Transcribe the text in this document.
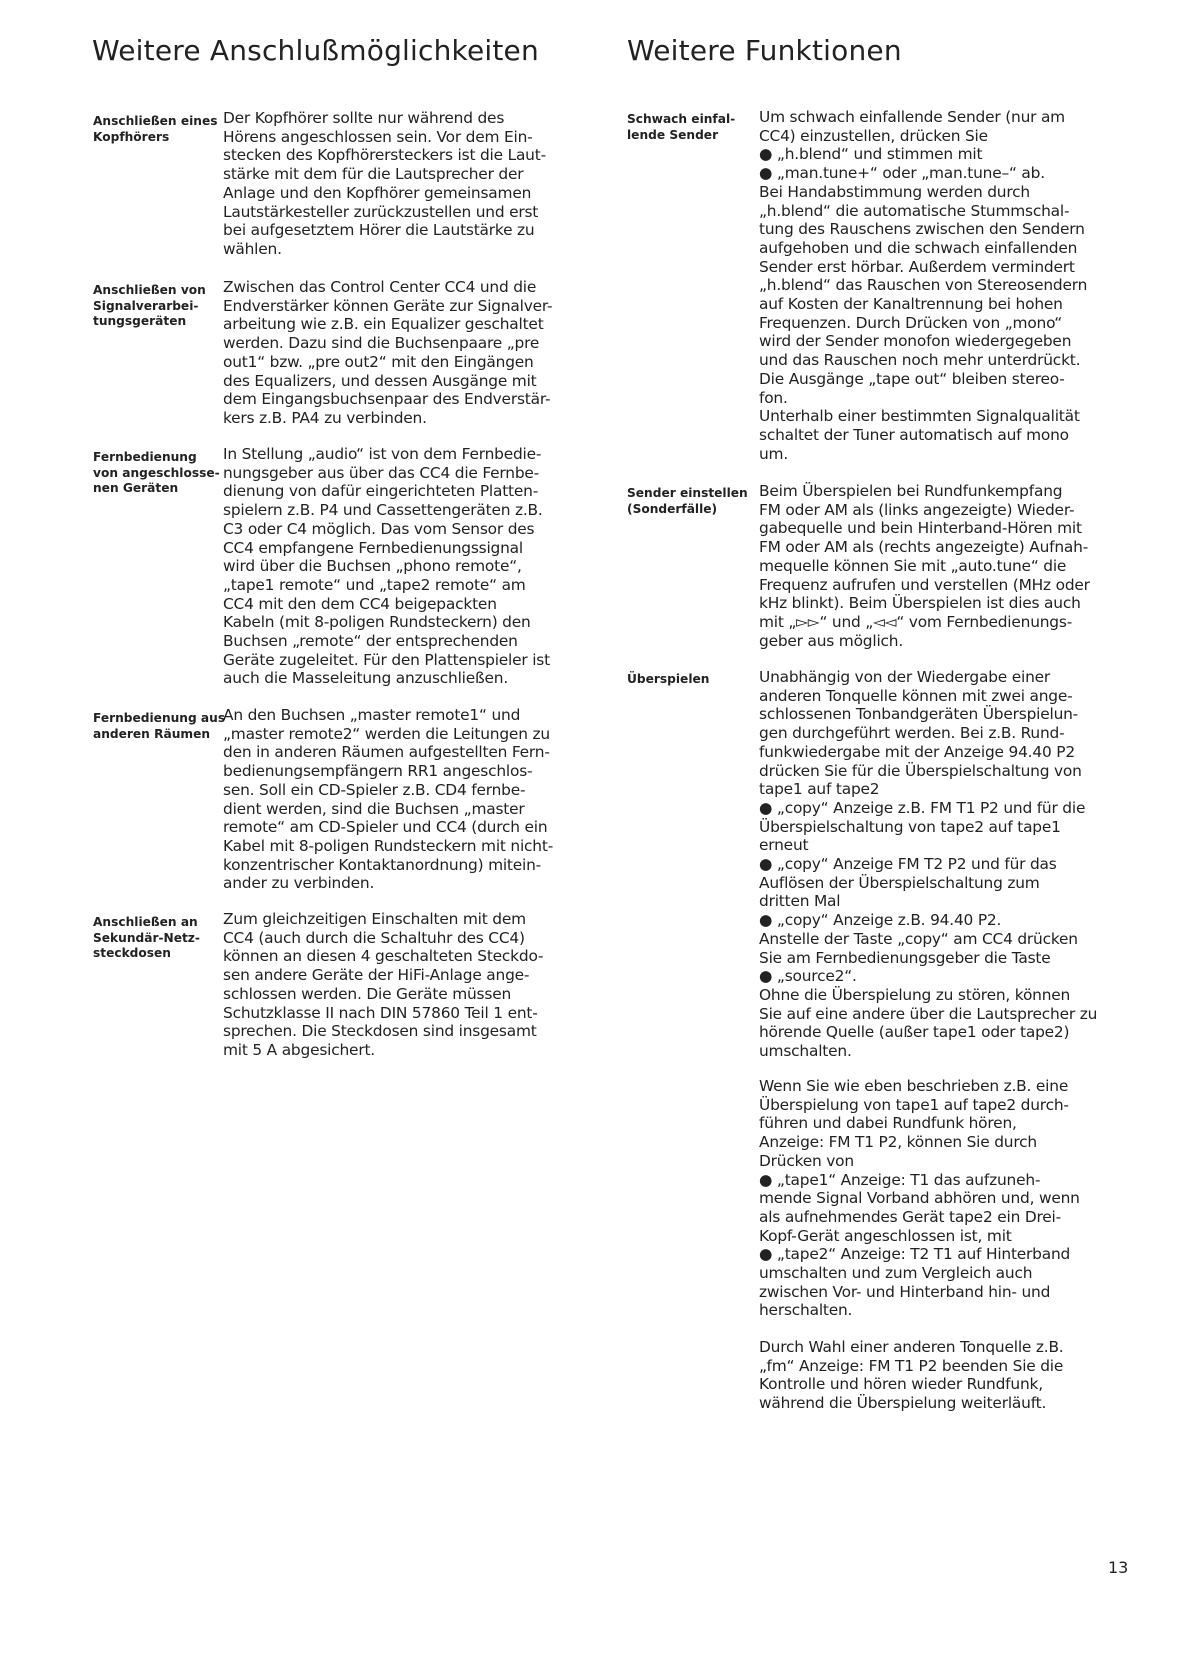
Weitere Anschlußmöglichkeiten	Weitere Funktionen
Anschließen eines
Kopfhörers
Der Kopfhörer sollte nur während des
Hörens angeschlossen sein. Vor dem Ein-
stecken des Kopfhörersteckers ist die Laut-
stärke mit dem für die Lautsprecher der
Anlage und den Kopfhörer gemeinsamen
Lautstärkesteller zurückzustellen und erst
bei aufgesetztem Hörer die Lautstärke zu
wählen.
Anschließen von
Signalverarbei-
tungsgeräten
Zwischen das Control Center CC4 und die
Endverstärker können Geräte zur Signalver-
arbeitung wie z.B. ein Equalizer geschaltet
werden. Dazu sind die Buchsenpaare „pre
out1“ bzw. „pre out2“ mit den Eingängen
des Equalizers, und dessen Ausgänge mit
dem Eingangsbuchsenpaar des Endverstär-
kers z.B. PA4 zu verbinden.
Fernbedienung
von angeschlosse-
nen Geräten
In Stellung „audio“ ist von dem Fernbedie-
nungsgeber aus über das CC4 die Fernbe-
dienung von dafür eingerichteten Platten-
spielern z.B. P4 und Cassettengeräten z.B.
C3 oder C4 möglich. Das vom Sensor des
CC4 empfangene Fernbedienungssignal
wird über die Buchsen „phono remote“,
„tape1 remote“ und „tape2 remote“ am
CC4 mit den dem CC4 beigepackten
Kabeln (mit 8-poligen Rundsteckern) den
Buchsen „remote“ der entsprechenden
Geräte zugeleitet. Für den Plattenspieler ist
auch die Masseleitung anzuschließen.
Fernbedienung aus
anderen Räumen
An den Buchsen „master remote1“ und
„master remote2“ werden die Leitungen zu
den in anderen Räumen aufgestellten Fern-
bedienungsempfängern RR1 angeschlos-
sen. Soll ein CD-Spieler z.B. CD4 fernbe-
dient werden, sind die Buchsen „master
remote“ am CD-Spieler und CC4 (durch ein
Kabel mit 8-poligen Rundsteckern mit nicht-
konzentrischer Kontaktanordnung) mitein-
ander zu verbinden.
Anschließen an
Sekundär-Netz-
steckdosen
Zum gleichzeitigen Einschalten mit dem
CC4 (auch durch die Schaltuhr des CC4)
können an diesen 4 geschalteten Steckdo-
sen andere Geräte der HiFi-Anlage ange-
schlossen werden. Die Geräte müssen
Schutzklasse II nach DIN 57860 Teil 1 ent-
sprechen. Die Steckdosen sind insgesamt
mit 5 A abgesichert.
Schwach einfal-
lende Sender
Um schwach einfallende Sender (nur am
CC4) einzustellen, drücken Sie
● „h.blend“ und stimmen mit
● „man.tune+“ oder „man.tune–“ ab.
Bei Handabstimmung werden durch
„h.blend“ die automatische Stummschal-
tung des Rauschens zwischen den Sendern
aufgehoben und die schwach einfallenden
Sender erst hörbar. Außerdem vermindert
„h.blend“ das Rauschen von Stereosendern
auf Kosten der Kanaltrennung bei hohen
Frequenzen. Durch Drücken von „mono“
wird der Sender monofon wiedergegeben
und das Rauschen noch mehr unterdrückt.
Die Ausgänge „tape out“ bleiben stereo-
fon.
Unterhalb einer bestimmten Signalqualität
schaltet der Tuner automatisch auf mono
um.
Sender einstellen
(Sonderfälle)
Beim Überspielen bei Rundfunkempfang
FM oder AM als (links angezeigte) Wieder-
gabequelle und bein Hinterband-Hören mit
FM oder AM als (rechts angezeigte) Aufnah-
mequelle können Sie mit „auto.tune“ die
Frequenz aufrufen und verstellen (MHz oder
kHz blinkt). Beim Überspielen ist dies auch
mit „▻▻“ und „◅◅“ vom Fernbedienungs-
geber aus möglich.
Überspielen	Unabhängig von der Wiedergabe einer
anderen Tonquelle können mit zwei ange-
schlossenen Tonbandgeräten Überspielun-
gen durchgeführt werden. Bei z.B. Rund-
funkwiedergabe mit der Anzeige 94.40 P2
drücken Sie für die Überspielschaltung von
tape1 auf tape2
● „copy“ Anzeige z.B. FM T1 P2 und für die
Überspielschaltung von tape2 auf tape1
erneut
● „copy“ Anzeige FM T2 P2 und für das
Auflösen der Überspielschaltung zum
dritten Mal
● „copy“ Anzeige z.B. 94.40 P2.
Anstelle der Taste „copy“ am CC4 drücken
Sie am Fernbedienungsgeber die Taste
● „source2“.
Ohne die Überspielung zu stören, können
Sie auf eine andere über die Lautsprecher zu
hörende Quelle (außer tape1 oder tape2)
umschalten.
Wenn Sie wie eben beschrieben z.B. eine
Überspielung von tape1 auf tape2 durch-
führen und dabei Rundfunk hören,
Anzeige: FM T1 P2, können Sie durch
Drücken von
● „tape1“ Anzeige: T1 das aufzuneh-
mende Signal Vorband abhören und, wenn
als aufnehmendes Gerät tape2 ein Drei-
Kopf-Gerät angeschlossen ist, mit
● „tape2“ Anzeige: T2 T1 auf Hinterband
umschalten und zum Vergleich auch
zwischen Vor- und Hinterband hin- und
herschalten.
Durch Wahl einer anderen Tonquelle z.B.
„fm“ Anzeige: FM T1 P2 beenden Sie die
Kontrolle und hören wieder Rundfunk,
während die Überspielung weiterläuft.
13
